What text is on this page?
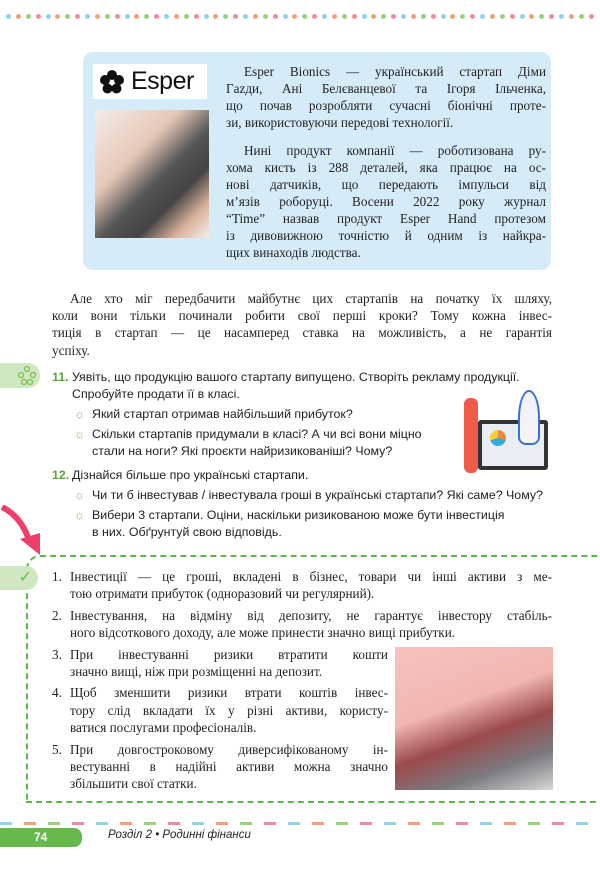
Esper	Esper Bionics — український стартап Діми
Гazди, Ані Белєванцевої та Ігоря Ільченка,
що почав розробляти сучасні біонічні проте-
зи, використовуючи передові технології.
Нині продукт компанії — роботизована ру-
хома кисть із 288 деталей, яка працює на ос-
нові датчиків, що передають імпульси від
м’язів роборуці. Восени 2022 року журнал
“Time” назвав продукт Esper Hand протезом
із дивовижною точністю й одним із найкра-
щих винаходів людства.
Але хто міг передбачити майбутнє цих стартапів на початку їх шляху,
коли вони тільки починали робити свої перші кроки? Тому кожна інвес-
тиція в стартап — це насамперед ставка на можливість, а не гарантія
успіху.
11. Уявіть, що продукцію вашого стартапу випущено. Створіть рекламу продукції.
Спробуйте продати її в класі.
☼ Який стартап отримав найбільший прибуток?
☼ Скільки стартапів придумали в класі? А чи всі вони міцно
стали на ноги? Які проєкти найризикованіші? Чому?
12. Дізнайся більше про українські стартапи.
☼ Чи ти б інвестував / інвестувала гроші в українські стартапи? Які саме? Чому?
☼ Вибери 3 стартапи. Оціни, наскільки ризикованою може бути інвестиція
в них. Обґрунтуй свою відповідь.
✓	1. Інвестиції — це гроші, вкладені в бізнес, товари чи інші активи з ме-
тою отримати прибуток (одноразовий чи регулярний).
2. Інвестування, на відміну від депозиту, не гарантує інвестору стабіль-
ного відсоткового доходу, але може принести значно вищі прибутки.
3. При інвестуванні ризики втратити кошти
значно вищі, ніж при розміщенні на депозит.
4. Щоб зменшити ризики втрати коштів інвес-
тору слід вкладати їх у різні активи, користу-
ватися послугами професіоналів.
5. При довгостроковому диверсифікованому ін-
вестуванні в надійні активи можна значно
збільшити свої статки.
74	Розділ 2 • Родинні фінанси
